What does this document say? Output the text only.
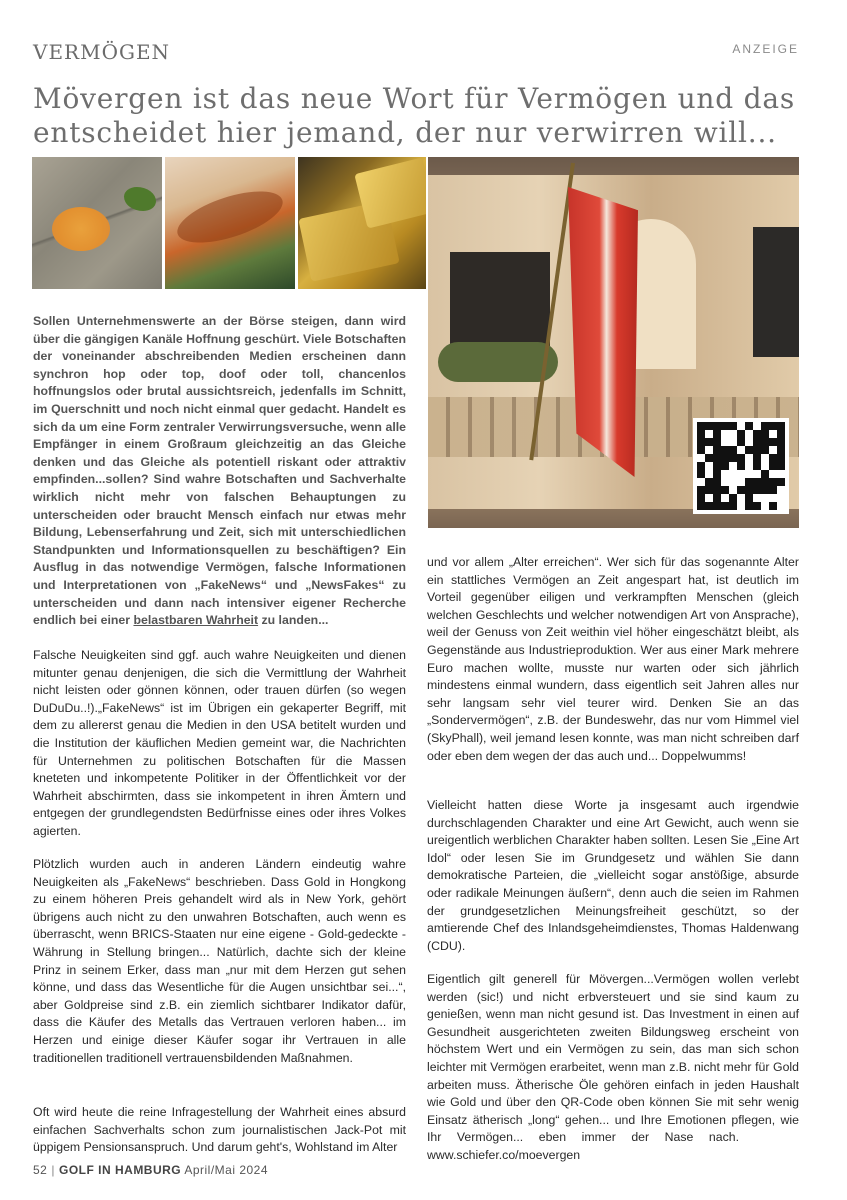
VERMÖGEN	ANZEIGE
Mövergen ist das neue Wort für Vermögen und das entscheidet hier jemand, der nur verwirren will...

Sollen Unternehmenswerte an der Börse steigen, dann wird über die gängigen Kanäle Hoffnung geschürt. Viele Botschaften der voneinander abschreibenden Medien erscheinen dann synchron hop oder top, doof oder toll, chancenlos hoffnungslos oder brutal aussichtsreich, jedenfalls im Schnitt, im Querschnitt und noch nicht einmal quer gedacht. Handelt es sich da um eine Form zentraler Verwirrungsversuche, wenn alle Empfänger in einem Großraum gleichzeitig an das Gleiche denken und das Gleiche als potentiell riskant oder attraktiv empfinden...sollen? Sind wahre Botschaften und Sachverhalte wirklich nicht mehr von falschen Behauptungen zu unterscheiden oder braucht Mensch einfach nur etwas mehr Bildung, Lebenserfahrung und Zeit, sich mit unterschiedlichen Standpunkten und Informationsquellen zu beschäftigen? Ein Ausflug in das notwendige Vermögen, falsche Informationen und Interpretationen von „FakeNews“ und „NewsFakes“ zu unterscheiden und dann nach intensiver eigener Recherche endlich bei einer belastbaren Wahrheit zu landen...

Falsche Neuigkeiten sind ggf. auch wahre Neuigkeiten und dienen mitunter genau denjenigen, die sich die Vermittlung der Wahrheit nicht leisten oder gönnen können, oder trauen dürfen (so wegen DuDuDu..!).„FakeNews“ ist im Übrigen ein gekaperter Begriff, mit dem zu allererst genau die Medien in den USA betitelt wurden und die Institution der käuflichen Medien gemeint war, die Nachrichten für Unternehmen zu politischen Botschaften für die Massen kneteten und inkompetente Politiker in der Öffentlichkeit vor der Wahrheit abschirmten, dass sie inkompetent in ihren Ämtern und entgegen der grundlegendsten Bedürfnisse eines oder ihres Volkes agierten.

Plötzlich wurden auch in anderen Ländern eindeutig wahre Neuigkeiten als „FakeNews“ beschrieben. Dass Gold in Hongkong zu einem höheren Preis gehandelt wird als in New York, gehört übrigens auch nicht zu den unwahren Botschaften, auch wenn es überrascht, wenn BRICS-Staaten nur eine eigene - Gold-gedeckte - Währung in Stellung bringen... Natürlich, dachte sich der kleine Prinz in seinem Erker, dass man „nur mit dem Herzen gut sehen könne, und dass das Wesentliche für die Augen unsichtbar sei...“, aber Goldpreise sind z.B. ein ziemlich sichtbarer Indikator dafür, dass die Käufer des Metalls das Vertrauen verloren haben... im Herzen und einige dieser Käufer sogar ihr Vertrauen in alle traditionellen traditionell vertrauensbildenden Maßnahmen.

Oft wird heute die reine Infragestellung der Wahrheit eines absurd einfachen Sachverhalts schon zum journalistischen Jack-Pot mit üppigem Pensionsanspruch. Und darum geht's, Wohlstand im Alter

und vor allem „Alter erreichen“. Wer sich für das sogenannte Alter ein stattliches Vermögen an Zeit angespart hat, ist deutlich im Vorteil gegenüber eiligen und verkrampften Menschen (gleich welchen Geschlechts und welcher notwendigen Art von Ansprache), weil der Genuss von Zeit weithin viel höher eingeschätzt bleibt, als Gegenstände aus Industrieproduktion. Wer aus einer Mark mehrere Euro machen wollte, musste nur warten oder sich jährlich mindestens einmal wundern, dass eigentlich seit Jahren alles nur sehr langsam sehr viel teurer wird. Denken Sie an das „Sondervermögen“, z.B. der Bundeswehr, das nur vom Himmel viel (SkyPhall), weil jemand lesen konnte, was man nicht schreiben darf oder eben dem wegen der das auch und... Doppelwumms!

Vielleicht hatten diese Worte ja insgesamt auch irgendwie durchschlagenden Charakter und eine Art Gewicht, auch wenn sie ureigentlich werblichen Charakter haben sollten. Lesen Sie „Eine Art Idol“ oder lesen Sie im Grundgesetz und wählen Sie dann demokratische Parteien, die „vielleicht sogar anstößige, absurde oder radikale Meinungen äußern“, denn auch die seien im Rahmen der grundgesetzlichen Meinungsfreiheit geschützt, so der amtierende Chef des Inlandsgeheimdienstes, Thomas Haldenwang (CDU).

Eigentlich gilt generell für Mövergen...Vermögen wollen verlebt werden (sic!) und nicht erbversteuert und sie sind kaum zu genießen, wenn man nicht gesund ist. Das Investment in einen auf Gesundheit ausgerichteten zweiten Bildungsweg erscheint von höchstem Wert und ein Vermögen zu sein, das man sich schon leichter mit Vermögen erarbeitet, wenn man z.B. nicht mehr für Gold arbeiten muss. Ätherische Öle gehören einfach in jeden Haushalt wie Gold und über den QR-Code oben können Sie mit sehr wenig Einsatz ätherisch „long“ gehen... und Ihre Emotionen pflegen, wie Ihr Vermögen... eben immer der Nase nach.www.schiefer.co/moevergen

52 | GOLF IN HAMBURG April/Mai 2024
